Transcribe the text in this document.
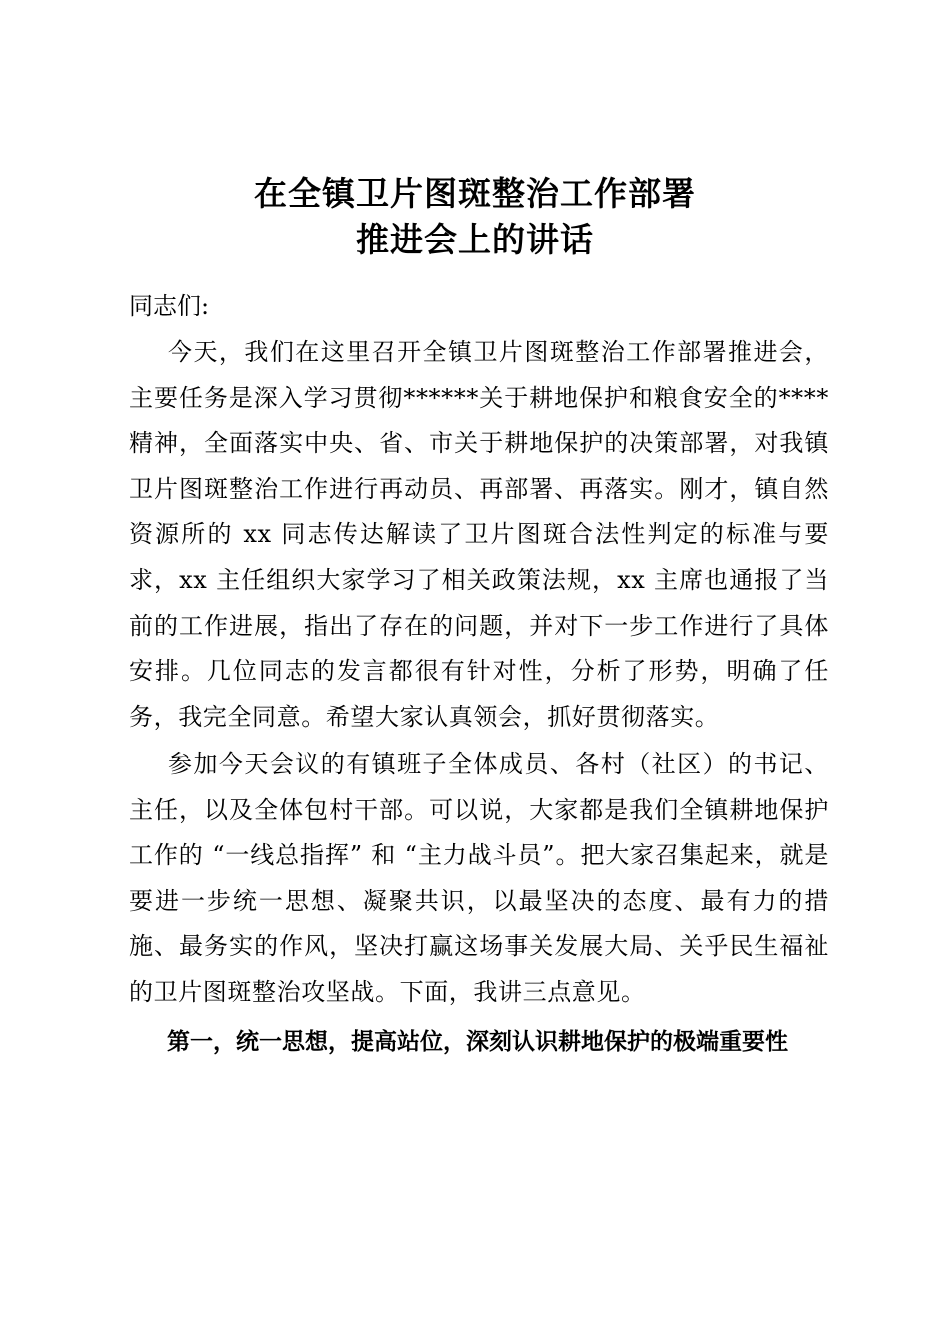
在全镇卫片图斑整治工作部署
推进会上的讲话
同志们:

今天，我们在这里召开全镇卫片图斑整治工作部署推进会，主要任务是深入学习贯彻******关于耕地保护和粮食安全的****精神，全面落实中央、省、市关于耕地保护的决策部署，对我镇卫片图斑整治工作进行再动员、再部署、再落实。刚才，镇自然资源所的 xx 同志传达解读了卫片图斑合法性判定的标准与要求，xx 主任组织大家学习了相关政策法规，xx 主席也通报了当前的工作进展，指出了存在的问题，并对下一步工作进行了具体安排。几位同志的发言都很有针对性，分析了形势，明确了任务，我完全同意。希望大家认真领会，抓好贯彻落实。

参加今天会议的有镇班子全体成员、各村（社区）的书记、主任，以及全体包村干部。可以说，大家都是我们全镇耕地保护工作的 “一线总指挥” 和 “主力战斗员”。把大家召集起来，就是要进一步统一思想、凝聚共识，以最坚决的态度、最有力的措施、最务实的作风，坚决打赢这场事关发展大局、关乎民生福祉的卫片图斑整治攻坚战。下面，我讲三点意见。

第一，统一思想，提高站位，深刻认识耕地保护的极端重要性
